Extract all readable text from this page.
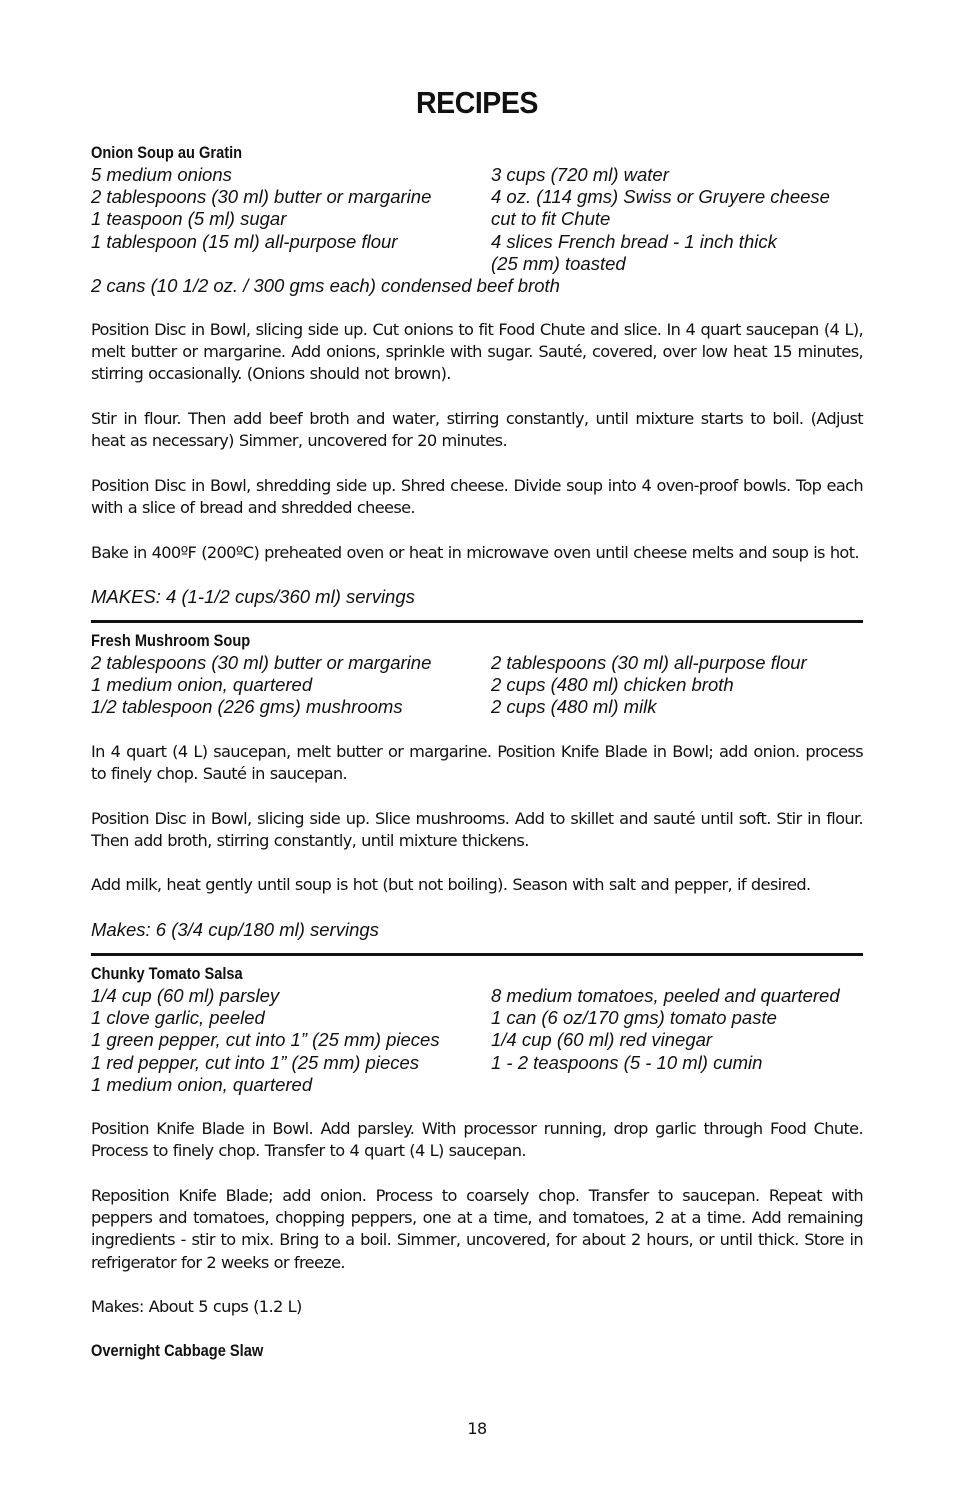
RECIPES
Onion Soup au Gratin
5 medium onions
2 tablespoons (30 ml) butter or margarine
1 teaspoon (5 ml) sugar
1 tablespoon (15 ml) all-purpose flour
3 cups (720 ml) water
4 oz. (114 gms) Swiss or Gruyere cheese
cut to fit Chute
4 slices French bread - 1 inch thick
(25 mm) toasted
2 cans (10 1/2 oz. / 300 gms each) condensed beef broth
Position Disc in Bowl, slicing side up. Cut onions to fit Food Chute and slice. In 4 quart saucepan (4 L), melt butter or margarine. Add onions, sprinkle with sugar. Sauté, covered, over low heat 15 minutes, stirring occasionally. (Onions should not brown).
Stir in flour. Then add beef broth and water, stirring constantly, until mixture starts to boil. (Adjust heat as necessary) Simmer, uncovered for 20 minutes.
Position Disc in Bowl, shredding side up. Shred cheese. Divide soup into 4 oven-proof bowls. Top each with a slice of bread and shredded cheese.
Bake in 400ºF (200ºC) preheated oven or heat in microwave oven until cheese melts and soup is hot.
MAKES: 4 (1-1/2 cups/360 ml) servings
Fresh Mushroom Soup
2 tablespoons (30 ml) butter or margarine
1 medium onion, quartered
1/2 tablespoon (226 gms) mushrooms
2 tablespoons (30 ml) all-purpose flour
2 cups (480 ml) chicken broth
2 cups (480 ml) milk
In 4 quart (4 L) saucepan, melt butter or margarine. Position Knife Blade in Bowl; add onion. process to finely chop. Sauté in saucepan.
Position Disc in Bowl, slicing side up. Slice mushrooms. Add to skillet and sauté until soft. Stir in flour. Then add broth, stirring constantly, until mixture thickens.
Add milk, heat gently until soup is hot (but not boiling). Season with salt and pepper, if desired.
Makes: 6 (3/4 cup/180 ml) servings
Chunky Tomato Salsa
1/4 cup (60 ml) parsley
1 clove garlic, peeled
1 green pepper, cut into 1” (25 mm) pieces
1 red pepper, cut into 1” (25 mm) pieces
1 medium onion, quartered
8 medium tomatoes, peeled and quartered
1 can (6 oz/170 gms) tomato paste
1/4 cup (60 ml) red vinegar
1 - 2 teaspoons (5 - 10 ml) cumin
Position Knife Blade in Bowl. Add parsley. With processor running, drop garlic through Food Chute. Process to finely chop. Transfer to 4 quart (4 L) saucepan.
Reposition Knife Blade; add onion. Process to coarsely chop. Transfer to saucepan. Repeat with peppers and tomatoes, chopping peppers, one at a time, and tomatoes, 2 at a time. Add remaining ingredients - stir to mix. Bring to a boil. Simmer, uncovered, for about 2 hours, or until thick. Store in refrigerator for 2 weeks or freeze.
Makes: About 5 cups (1.2 L)
Overnight Cabbage Slaw
18
